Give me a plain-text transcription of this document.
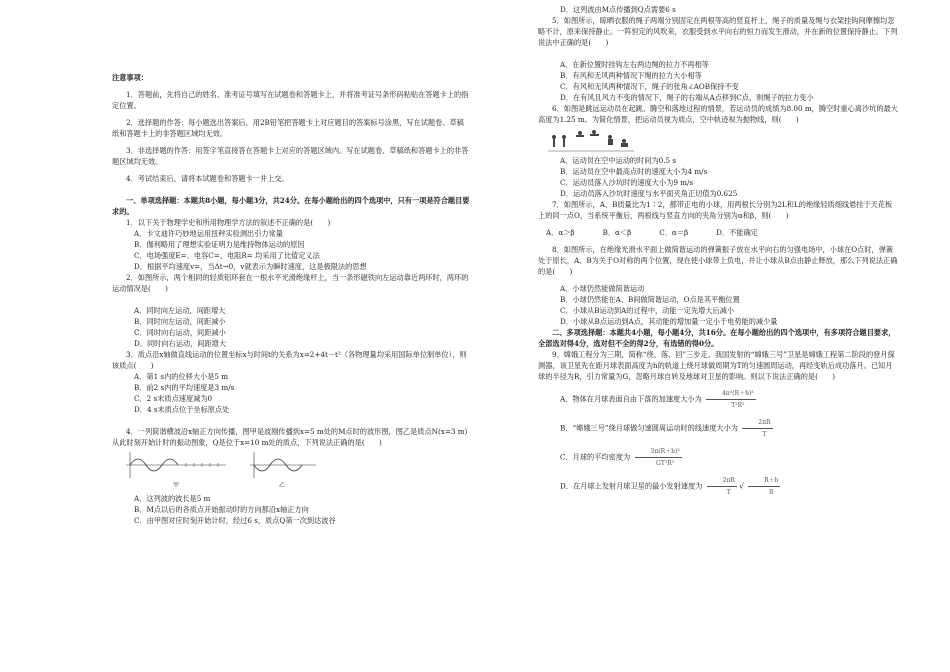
注意事项：

1．答题前，先将自己的姓名、准考证号填写在试题卷和答题卡上，并将准考证号条形码粘贴在答题卡上的指定位置。

2．选择题的作答：每小题选出答案后，用2B铅笔把答题卡上对应题目的答案标号涂黑，写在试题卷、草稿纸和答题卡上的非答题区域均无效。

3．非选择题的作答：用签字笔直接答在答题卡上对应的答题区域内。写在试题卷、草稿纸和答题卡上的非答题区域均无效。

4．考试结束后，请将本试题卷和答题卡一并上交。

一、单项选择题：本题共8小题，每小题3分，共24分。在每小题给出的四个选项中，只有一项是符合题目要求的。

1．以下关于物理学史和所用物理学方法的叙述不正确的是(　　)

A．卡文迪许巧妙地运用扭秤实验测出引力常量

B．伽利略用了理想实验证明力是维持物体运动的原因

C．电场强度E=、电容C=、电阻R= 均采用了比值定义法

D．根据平均速度v=，当Δt→0，v就表示为瞬时速度，这是极限法的思想

2．如图所示，两个相同的轻质铝环套在一根水平光滑绝缘杆上，当一条形磁铁向左运动靠近两环时，两环的运动情况是(　　)

A．同时向左运动，间距增大

B．同时向左运动，间距减小

C．同时向右运动，间距减小

D．同时向右运动，间距增大

3．质点沿x轴做直线运动的位置坐标x与时间t的关系为x=2+4t－t²（各物理量均采用国际单位制单位），则该质点(　　)

A．第1 s内的位移大小是5 m

B．前2 s内的平均速度是3 m/s

C．2 s末质点速度减为0

D．4 s末质点位于坐标原点处

4．一列简谐横波沿x轴正方向传播，图甲是波刚传播到x=5 m处的M点时的波形图，图乙是质点N(x=3 m)从此时刻开始计时的振动图象，Q是位于x=10 m处的质点，下列说法正确的是(　　)

甲	乙

A．这列波的波长是5 m

B．M点以后的各质点开始振动时的方向都沿x轴正方向

C．由甲图对应时刻开始计时，经过6 s，质点Q第一次到达波谷

D．这列波由M点传播到Q点需要6 s

5．如图所示，晾晒衣服的绳子两端分别固定在两根等高的竖直杆上，绳子的质量及绳与衣架挂钩间摩擦均忽略不计，原来保持静止。一阵恒定的风吹来，衣服受到水平向右的恒力而发生滑动，并在新的位置保持静止。下列说法中正确的是(　　)

A．在新位置时挂钩左右两边绳的拉力不再相等

B．有风和无风两种情况下绳的拉力大小相等

C．有风和无风两种情况下，绳子的张角∠AOB保持不变

D．在有风且风力不变的情况下，绳子的右端从A点移到C点，则绳子的拉力变小

6．如图是跳远运动员在起跳、腾空和落地过程的情景，若运动员的成绩为8.00 m，腾空时重心离沙坑的最大高度为1.25 m。为简化情景，把运动员视为质点，空中轨迹视为抛物线，则(　　)

A．运动员在空中运动的时间为0.5 s

B．运动员在空中最高点时的速度大小为4 m/s

C．运动员落入沙坑时的速度大小为9 m/s

D．运动员落入沙坑时速度与水平面夹角正切值为0.625

7．如图所示，A、B质量比为1∶2，都带正电的小球，用两根长分别为2L和L的绝缘轻质细线悬挂于天花板上的同一点O，当系统平衡后，两根线与竖直方向的夹角分别为α和β，则(　　)

A．α＞β	B．α＜β	C．α＝β	D．不能确定

8．如图所示，在绝缘光滑水平面上做简谐运动的弹簧振子放在水平向右的匀强电场中，小球在O点时，弹簧处于原长，A、B为关于O对称的两个位置，现在使小球带上负电，并让小球从B点由静止释放，那么下列说法正确的是(　　)

A．小球仍然能做简谐运动

B．小球仍然能在A、B间做简谐运动，O点是其平衡位置

C．小球从B运动到A的过程中，动能一定先增大后减小

D．小球从B点运动到A点，其动能的增加量一定小于电势能的减少量

二、多项选择题：本题共4小题，每小题4分，共16分。在每小题给出的四个选项中，有多项符合题目要求，全部选对得4分，选对但不全的得2分，有选错的得0分。

9．嫦娥工程分为三期，简称“绕、落、回”三步走。我国发射的“嫦娥三号”卫星是嫦娥工程第二阶段的登月探测器，该卫星先在距月球表面高度为h的轨道上绕月球做周期为T的匀速圆周运动，再经变轨后成功落月。已知月球的半径为R，引力常量为G，忽略月球自转及地球对卫星的影响。则以下说法正确的是(　　)

A．物体在月球表面自由下落的加速度大小为 $\frac{\text{4π²(R＋h)³}}{\text{T²R²}}$

B．“嫦娥三号”绕月球做匀速圆周运动时的线速度大小为 $\frac{2\pi R}{T}$

C．月球的平均密度为 $\frac{\text{3π(R＋h)³}}{\text{GT²R³}}$

D．在月球上发射月球卫星的最小发射速度为 $\frac{2\pi R}{T}$ √ $\frac{R+h}{R}$
